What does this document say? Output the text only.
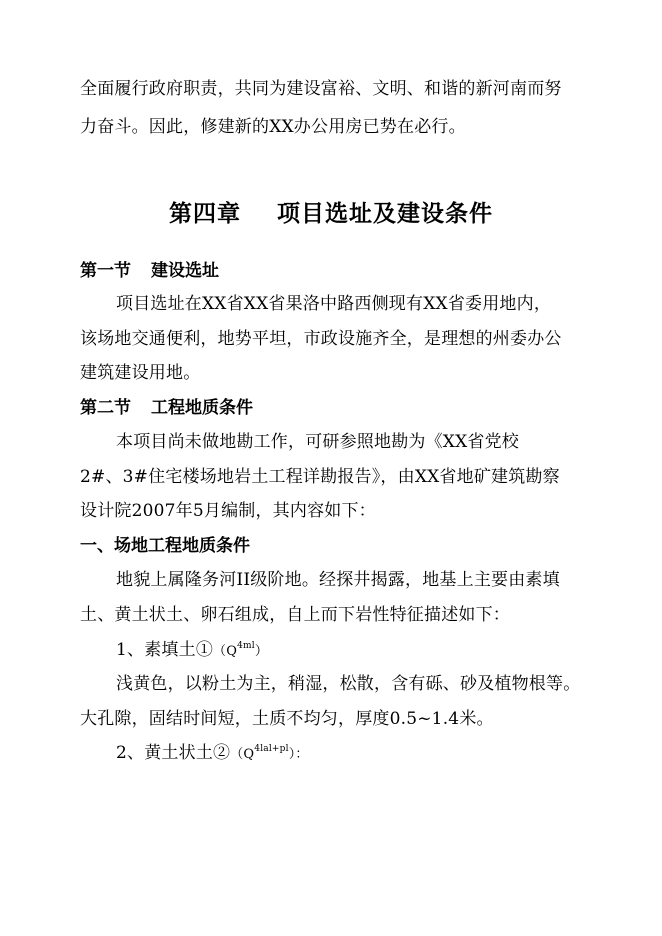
全面履行政府职责，共同为建设富裕、文明、和谐的新河南而努
力奋斗。因此，修建新的XX办公用房已势在必行。
第四章 项目选址及建设条件
第一节 建设选址
项目选址在XX省XX省果洛中路西侧现有XX省委用地内，
该场地交通便利，地势平坦，市政设施齐全，是理想的州委办公
建筑建设用地。
第二节 工程地质条件
本项目尚未做地勘工作，可研参照地勘为《XX省党校
2#、3#住宅楼场地岩土工程详勘报告》，由XX省地矿建筑勘察
设计院2007年5月编制，其内容如下：
一、场地工程地质条件
地貌上属隆务河II级阶地。经探井揭露，地基上主要由素填
土、黄土状土、卵石组成，自上而下岩性特征描述如下：
1、素填土$①(Q^{4ml})$
浅黄色，以粉土为主，稍湿，松散，含有砾、砂及植物根等。
大孔隙，固结时间短，土质不均匀，厚度0.5~1.4米。
2、黄土状土$②(Q^{4lal+pl})$：
